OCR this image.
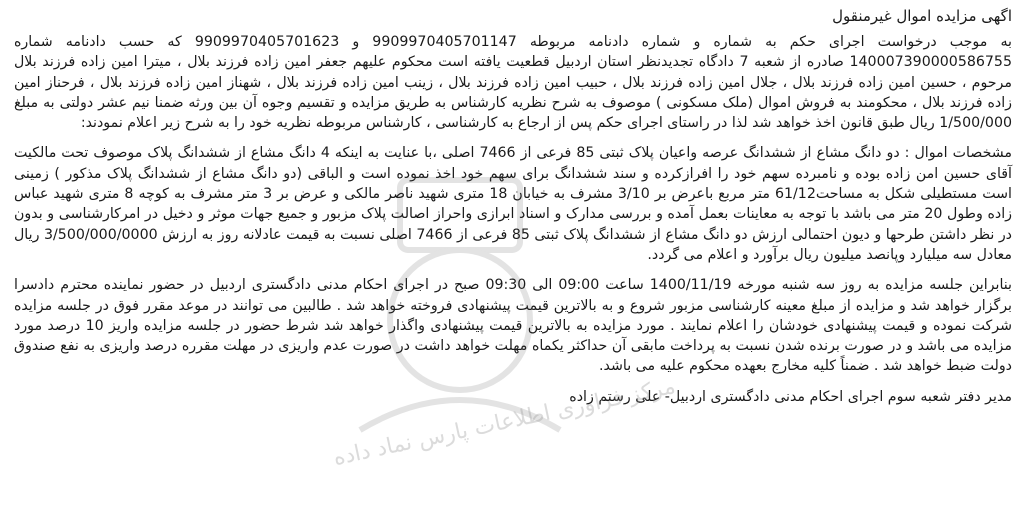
اگهی مزایده اموال غیرمنقول

به موجب درخواست اجرای حکم به شماره و شماره دادنامه مربوطه 9909970405701147 و 9909970405701623 که حسب دادنامه شماره 140007390000586755 صادره از شعبه 7 دادگاه تجدیدنظر استان اردبیل قطعیت یافته است محکوم علیهم جعفر امین زاده فرزند بلال ، میترا امین زاده فرزند بلال مرحوم ، حسین امین زاده فرزند بلال ، جلال امین زاده فرزند بلال ، حبیب امین زاده فرزند بلال ، زینب امین زاده فرزند بلال ، شهناز امین زاده فرزند بلال ، فرحناز امین زاده فرزند بلال ، محکومند به فروش اموال (ملک مسکونی ) موصوف به شرح نظریه کارشناس به طریق مزایده و تقسیم وجوه آن بین ورثه ضمنا نیم عشر دولتی به مبلغ 1/500/000 ریال طبق قانون اخذ خواهد شد لذا در راستای اجرای حکم پس از ارجاع به کارشناسی ، کارشناس مربوطه نظریه خود را به شرح زیر اعلام نمودند:

مشخصات اموال : دو دانگ مشاع از ششدانگ عرصه واعیان پلاک ثبتی 85 فرعی از 7466 اصلی ،با عنایت به اینکه 4 دانگ مشاع از ششدانگ پلاک موصوف تحت مالکیت آقای حسین امن زاده بوده و نامبرده سهم خود را افرازکرده و سند ششدانگ برای سهم خود اخذ نموده است و الباقی (دو دانگ مشاع از ششدانگ پلاک مذکور ) زمینی است مستطیلی شکل به مساحت61/12 متر مربع باعرض بر 3/10 مشرف به خیابان 18 متری شهید ناصر مالکی و عرض بر 3 متر مشرف به کوچه 8 متری شهید عباس زاده وطول 20 متر می باشد با توجه به معاینات بعمل آمده و بررسی مدارک و اسناد ابرازی واحراز اصالت پلاک مزبور و جمیع جهات موثر و دخیل در امرکارشناسی و بدون در نظر داشتن طرحها و دیون احتمالی ارزش دو دانگ مشاع از ششدانگ پلاک ثبتی 85 فرعی از 7466 اصلی نسبت به قیمت عادلانه روز به ارزش 3/500/000/0000 ریال معادل سه میلیارد وپانصد میلیون ریال برآورد و اعلام می گردد.

بنابراین جلسه مزایده به روز سه شنبه مورخه 1400/11/19 ساعت 09:00 الی 09:30 صبح در اجرای احکام مدنی دادگستری اردبیل در حضور نماینده محترم دادسرا برگزار خواهد شد و مزایده از مبلغ معینه کارشناسی مزبور شروع و به بالاترین قیمت پیشنهادی فروخته خواهد شد . طالبین می توانند در موعد مقرر فوق در جلسه مزایده شرکت نموده و قیمت پیشنهادی خودشان را اعلام نمایند . مورد مزایده به بالاترین قیمت پیشنهادی واگذار خواهد شد شرط حضور در جلسه مزایده واریز 10 درصد مورد مزایده می باشد و در صورت برنده شدن نسبت به پرداخت مابقی آن حداکثر یکماه مهلت خواهد داشت در صورت عدم واریزی در مهلت مقرره درصد واریزی به نفع صندوق دولت ضبط خواهد شد . ضمناً کلیه مخارج بعهده محکوم علیه می باشد.

مدیر دفتر شعبه سوم اجرای احکام مدنی دادگستری اردبیل- علی رستم زاده

مرکز فراوری اطلاعات پارس نماد داده
